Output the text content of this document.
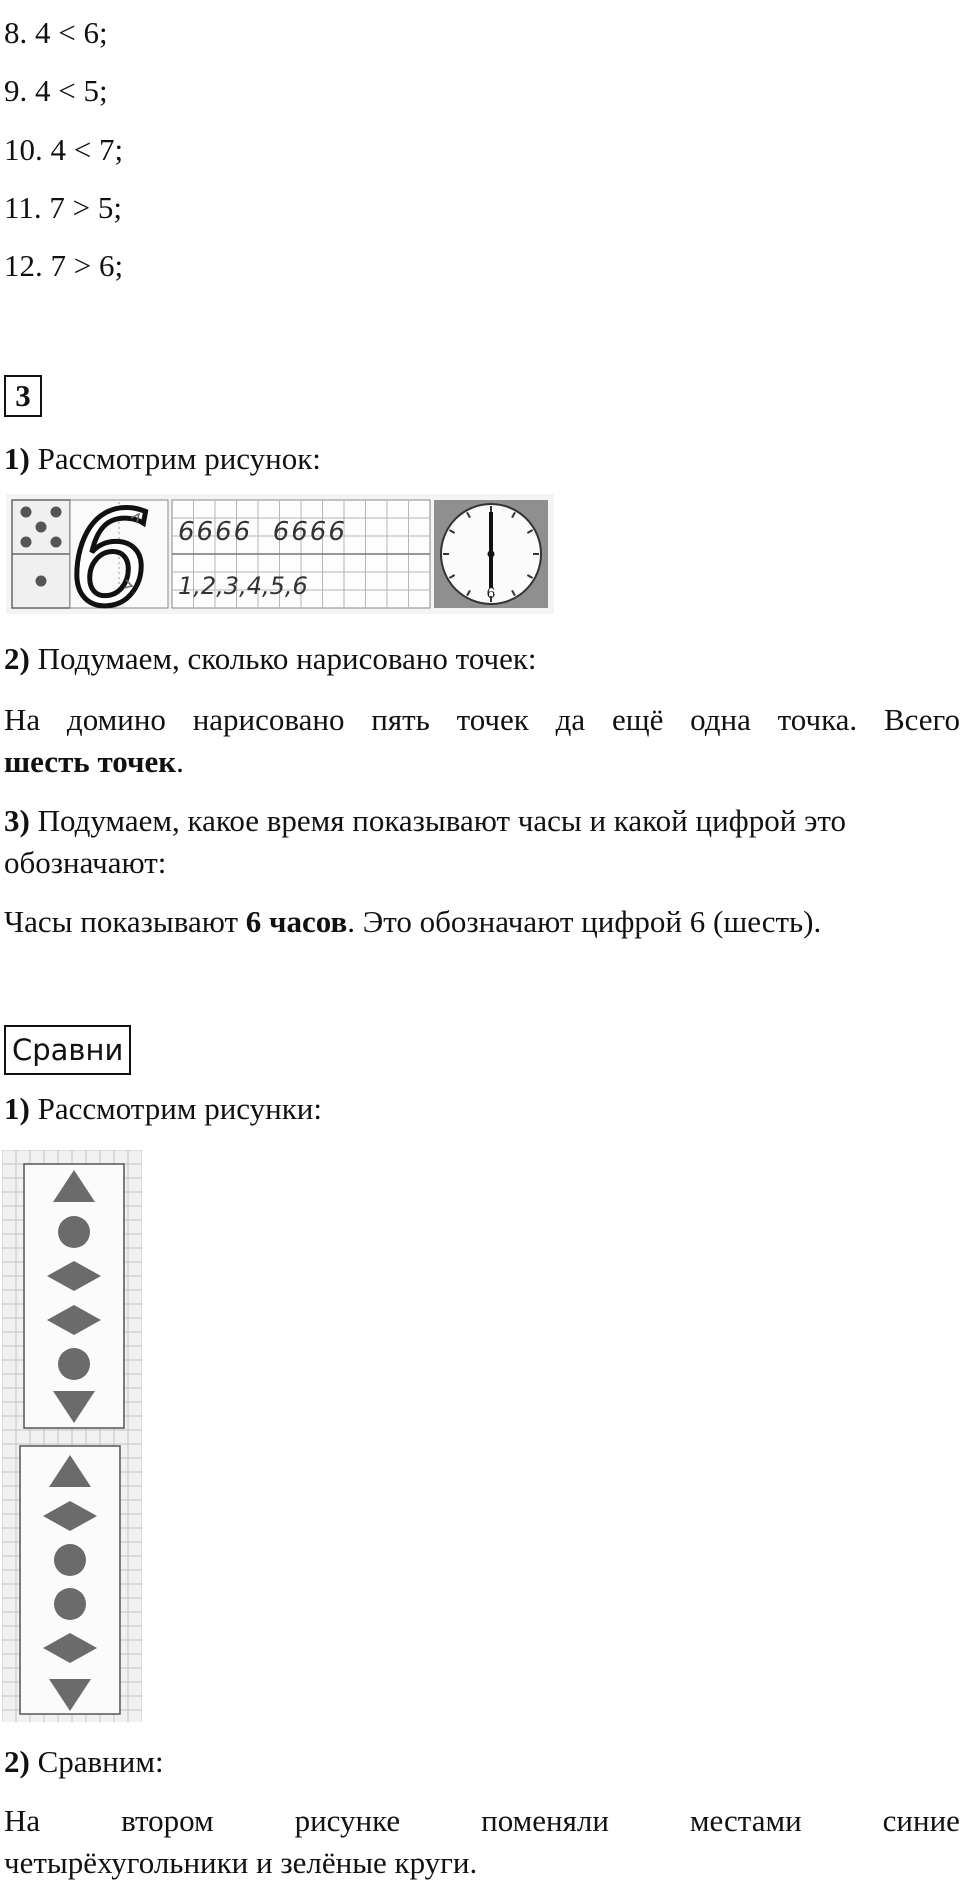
8. 4 < 6;
9. 4 < 5;
10. 4 < 7;
11. 7 > 5;
12. 7 > 6;
3
1) Рассмотрим рисунок:
6 6666  6666
1,2,3,4,5,6	6
2) Подумаем, сколько нарисовано точек:
На домино нарисовано пять точек да ещё одна точка. Всего
шесть точек.
3) Подумаем, какое время показывают часы и какой цифрой это
обозначают:
Часы показывают 6 часов. Это обозначают цифрой 6 (шесть).
Сравни
1) Рассмотрим рисунки:
2) Сравним:
На	втором	рисунке	поменяли	местами	синие
четырёхугольники и зелёные круги.
